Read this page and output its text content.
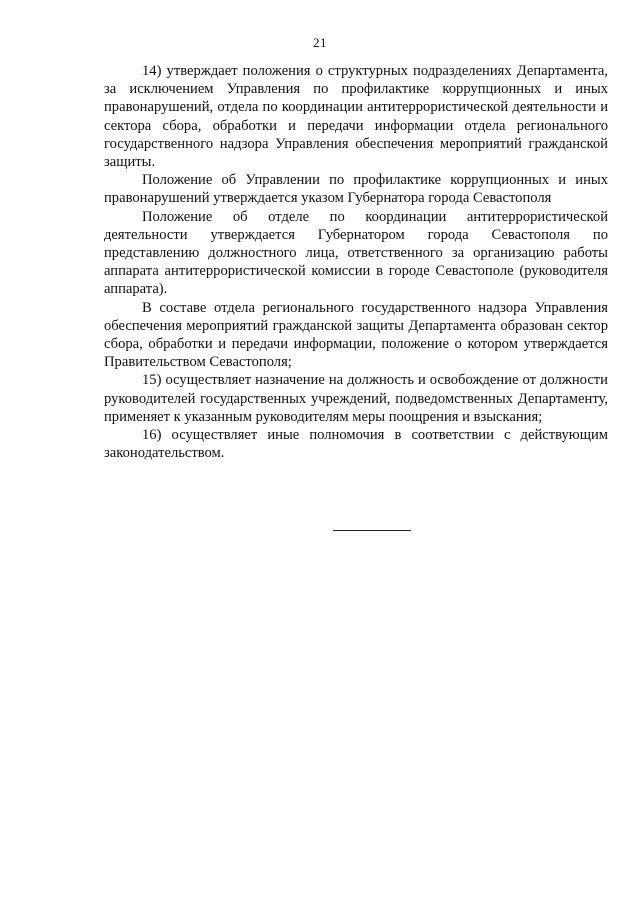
21

14) утверждает положения о структурных подразделениях Департамента, за исключением Управления по профилактике коррупционных и иных правонарушений, отдела по координации антитеррористической деятельности и сектора сбора, обработки и передачи информации отдела регионального государственного надзора Управления обеспечения мероприятий гражданской защиты.

Положение об Управлении по профилактике коррупционных и иных правонарушений утверждается указом Губернатора города Севастополя

Положение об отделе по координации антитеррористической деятельности утверждается Губернатором города Севастополя по представлению должностного лица, ответственного за организацию работы аппарата антитеррористической комиссии в городе Севастополе (руководителя аппарата).

В составе отдела регионального государственного надзора Управления обеспечения мероприятий гражданской защиты Департамента образован сектор сбора, обработки и передачи информации, положение о котором утверждается Правительством Севастополя;

15) осуществляет назначение на должность и освобождение от должности руководителей государственных учреждений, подведомственных Департаменту, применяет к указанным руководителям меры поощрения и взыскания;

16) осуществляет иные полномочия в соответствии с действующим законодательством.
